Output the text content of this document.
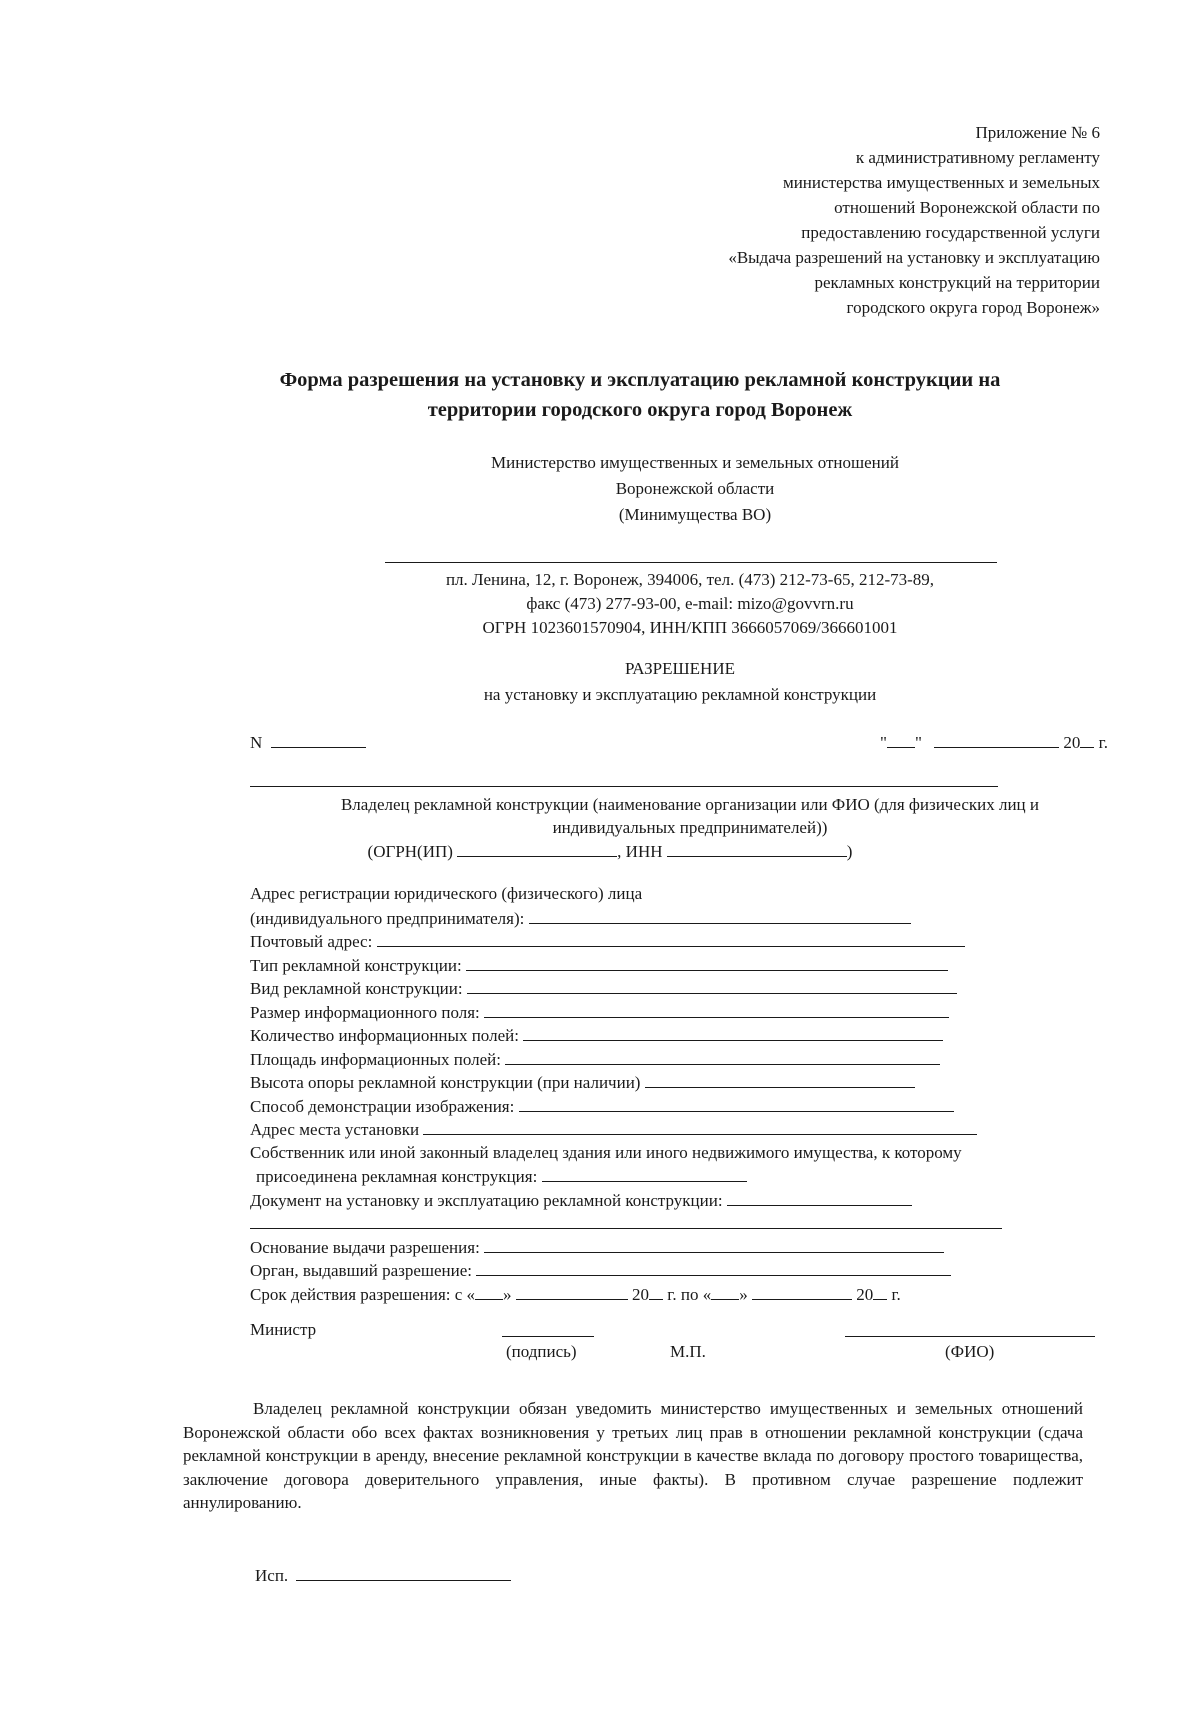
Приложение № 6
к административному регламенту
министерства имущественных и земельных
отношений Воронежской области по
предоставлению государственной услуги
«Выдача разрешений на установку и эксплуатацию
рекламных конструкций на территории
городского округа город Воронеж»
Форма разрешения на установку и эксплуатацию рекламной конструкции на
территории городского округа город Воронеж
Министерство имущественных и земельных отношений
Воронежской области
(Минимущества ВО)
пл. Ленина, 12, г. Воронеж, 394006, тел. (473) 212-73-65, 212-73-89,
факс (473) 277-93-00, e-mail: mizo@govvrn.ru
ОГРН 1023601570904, ИНН/КПП 3666057069/366601001
РАЗРЕШЕНИЕ
на установку и эксплуатацию рекламной конструкции
N	" "	20 г.
Владелец рекламной конструкции (наименование организации или ФИО (для физических лиц и
индивидуальных предпринимателей))
(ОГРН(ИП)	, ИНН	)
Адрес регистрации юридического (физического) лица
(индивидуального предпринимателя):
Почтовый адрес:
Тип рекламной конструкции:
Вид рекламной конструкции:
Размер информационного поля:
Количество информационных полей:
Площадь информационных полей:
Высота опоры рекламной конструкции (при наличии)
Способ демонстрации изображения:
Адрес места установки
Собственник или иной законный владелец здания или иного недвижимого имущества, к которому
присоединена рекламная конструкция:
Документ на установку и эксплуатацию рекламной конструкции:
Основание выдачи разрешения:
Орган, выдавший разрешение:
Срок действия разрешения: с « »	20 г. по « »	20 г.
Министр
(подпись)	М.П.	(ФИО)
Владелец рекламной конструкции обязан уведомить министерство имущественных и земельных отношений Воронежской области обо всех фактах возникновения у третьих лиц прав в отношении рекламной конструкции (сдача рекламной конструкции в аренду, внесение рекламной конструкции в качестве вклада по договору простого товарищества, заключение договора доверительного управления, иные факты). В противном случае разрешение подлежит аннулированию.
Исп.
